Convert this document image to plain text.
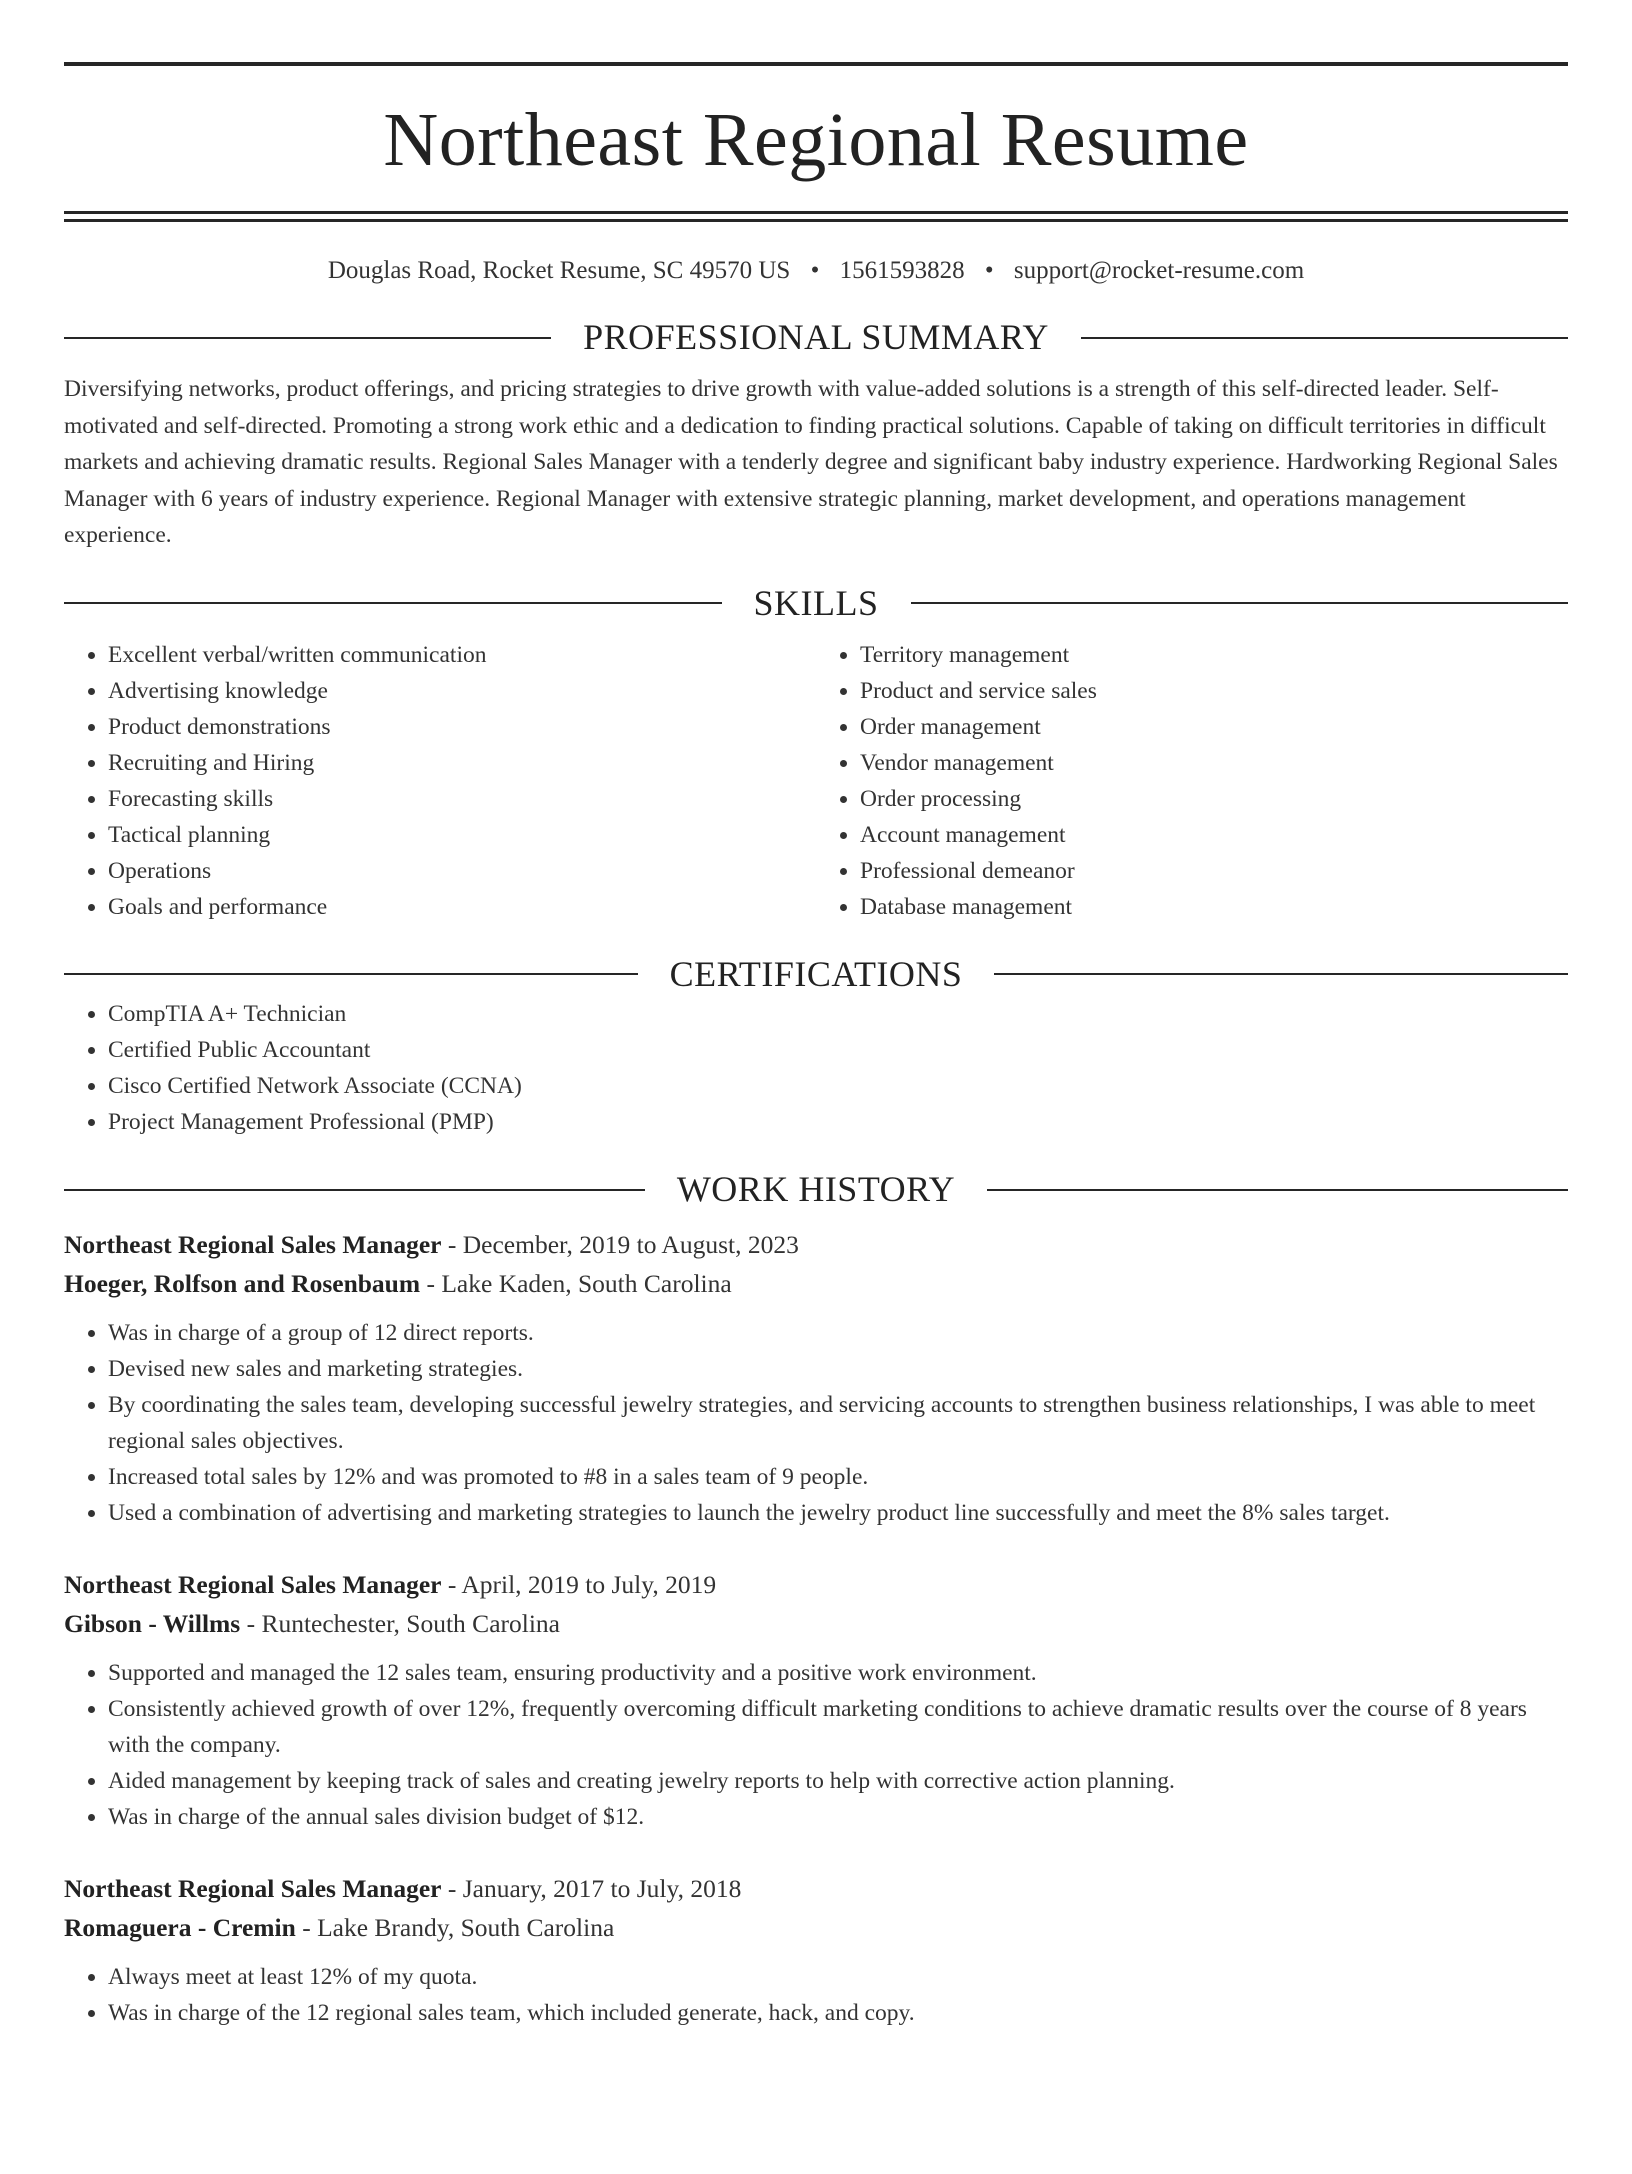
Northeast Regional Resume
Douglas Road, Rocket Resume, SC 49570 US • 1561593828 • support@rocket-resume.com
PROFESSIONAL SUMMARY

Diversifying networks, product offerings, and pricing strategies to drive growth with value-added solutions is a strength of this self-directed leader. Self-motivated and self-directed. Promoting a strong work ethic and a dedication to finding practical solutions. Capable of taking on difficult territories in difficult markets and achieving dramatic results. Regional Sales Manager with a tenderly degree and significant baby industry experience. Hardworking Regional Sales Manager with 6 years of industry experience. Regional Manager with extensive strategic planning, market development, and operations management experience.

SKILLS
• Excellent verbal/written communication
• Advertising knowledge
• Product demonstrations
• Recruiting and Hiring
• Forecasting skills
• Tactical planning
• Operations
• Goals and performance
• Territory management
• Product and service sales
• Order management
• Vendor management
• Order processing
• Account management
• Professional demeanor
• Database management
CERTIFICATIONS
• CompTIA A+ Technician
• Certified Public Accountant
• Cisco Certified Network Associate (CCNA)
• Project Management Professional (PMP)
WORK HISTORY
Northeast Regional Sales Manager - December, 2019 to August, 2023
Hoeger, Rolfson and Rosenbaum - Lake Kaden, South Carolina
• Was in charge of a group of 12 direct reports.
• Devised new sales and marketing strategies.
• By coordinating the sales team, developing successful jewelry strategies, and servicing accounts to strengthen business relationships, I was able to meet regional sales objectives.
• Increased total sales by 12% and was promoted to #8 in a sales team of 9 people.
• Used a combination of advertising and marketing strategies to launch the jewelry product line successfully and meet the 8% sales target.
Northeast Regional Sales Manager - April, 2019 to July, 2019
Gibson - Willms - Runtechester, South Carolina
• Supported and managed the 12 sales team, ensuring productivity and a positive work environment.
• Consistently achieved growth of over 12%, frequently overcoming difficult marketing conditions to achieve dramatic results over the course of 8 years with the company.
• Aided management by keeping track of sales and creating jewelry reports to help with corrective action planning.
• Was in charge of the annual sales division budget of $12.
Northeast Regional Sales Manager - January, 2017 to July, 2018
Romaguera - Cremin - Lake Brandy, South Carolina
• Always meet at least 12% of my quota.
• Was in charge of the 12 regional sales team, which included generate, hack, and copy.
